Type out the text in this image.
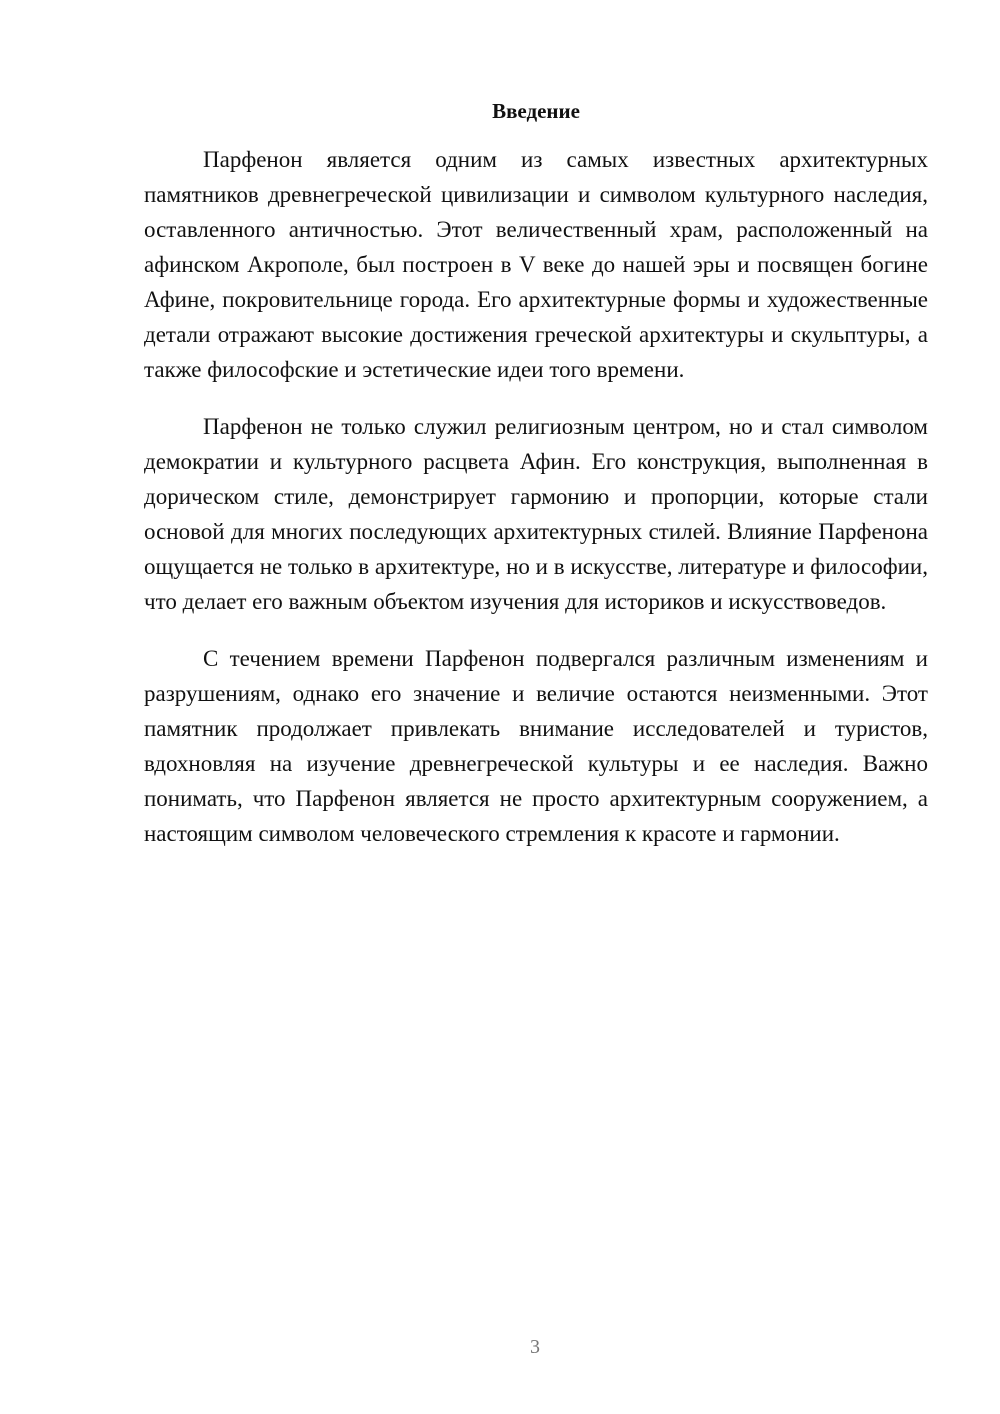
Введение

Парфенон является одним из самых известных архитектурных памятников древнегреческой цивилизации и символом культурного наследия, оставленного античностью. Этот величественный храм, расположенный на афинском Акрополе, был построен в V веке до нашей эры и посвящен богине Афине, покровительнице города. Его архитектурные формы и художественные детали отражают высокие достижения греческой архитектуры и скульптуры, а также философские и эстетические идеи того времени.

Парфенон не только служил религиозным центром, но и стал символом демократии и культурного расцвета Афин. Его конструкция, выполненная в дорическом стиле, демонстрирует гармонию и пропорции, которые стали основой для многих последующих архитектурных стилей. Влияние Парфенона ощущается не только в архитектуре, но и в искусстве, литературе и философии, что делает его важным объектом изучения для историков и искусствоведов.

С течением времени Парфенон подвергался различным изменениям и разрушениям, однако его значение и величие остаются неизменными. Этот памятник продолжает привлекать внимание исследователей и туристов, вдохновляя на изучение древнегреческой культуры и ее наследия. Важно понимать, что Парфенон является не просто архитектурным сооружением, а настоящим символом человеческого стремления к красоте и гармонии.

3
